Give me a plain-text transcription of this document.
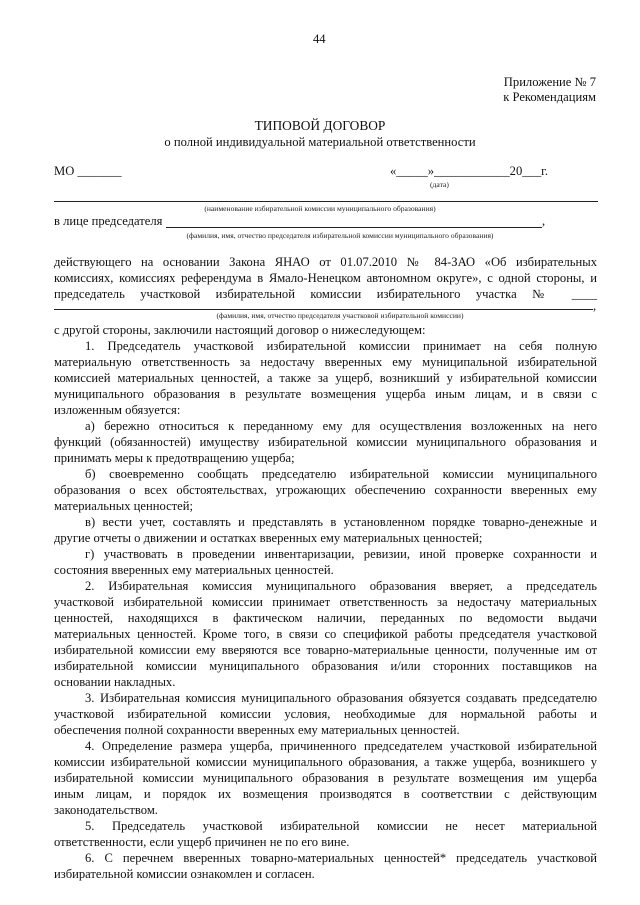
44
Приложение № 7
к Рекомендациям
ТИПОВОЙ ДОГОВОР
о полной индивидуальной материальной ответственности
МО _______	«_____»____________20___г.
(дата)
(наименование избирательной комиссии муниципального образования)
в лице председателя	,
(фамилия, имя, отчество председателя избирательной комиссии муниципального образования)
действующего на основании Закона ЯНАО от 01.07.2010 № 84-ЗАО «Об избирательных
комиссиях, комиссиях референдума в Ямало-Ненецком автономном округе», с одной стороны, и
председатель участковой избирательной комиссии избирательного участка № ____
,
(фамилия, имя, отчество председателя участковой избирательной комиссии)
с другой стороны, заключили настоящий договор о нижеследующем:
1. Председатель участковой избирательной комиссии принимает на себя полную
материальную ответственность за недостачу вверенных ему муниципальной избирательной
комиссией материальных ценностей, а также за ущерб, возникший у избирательной комиссии
муниципального образования в результате возмещения ущерба иным лицам, и в связи с
изложенным обязуется:
а) бережно относиться к переданному ему для осуществления возложенных на него
функций (обязанностей) имуществу избирательной комиссии муниципального образования и
принимать меры к предотвращению ущерба;
б) своевременно сообщать председателю избирательной комиссии муниципального
образования о всех обстоятельствах, угрожающих обеспечению сохранности вверенных ему
материальных ценностей;
в) вести учет, составлять и представлять в установленном порядке товарно-денежные и
другие отчеты о движении и остатках вверенных ему материальных ценностей;
г) участвовать в проведении инвентаризации, ревизии, иной проверке сохранности и
состояния вверенных ему материальных ценностей.
2. Избирательная комиссия муниципального образования вверяет, а председатель
участковой избирательной комиссии принимает ответственность за недостачу материальных
ценностей, находящихся в фактическом наличии, переданных по ведомости выдачи
материальных ценностей. Кроме того, в связи со спецификой работы председателя участковой
избирательной комиссии ему вверяются все товарно-материальные ценности, полученные им от
избирательной комиссии муниципального образования и/или сторонних поставщиков на
основании накладных.
3. Избирательная комиссия муниципального образования обязуется создавать председателю
участковой избирательной комиссии условия, необходимые для нормальной работы и
обеспечения полной сохранности вверенных ему материальных ценностей.
4. Определение размера ущерба, причиненного председателем участковой избирательной
комиссии избирательной комиссии муниципального образования, а также ущерба, возникшего у
избирательной комиссии муниципального образования в результате возмещения им ущерба
иным лицам, и порядок их возмещения производятся в соответствии с действующим
законодательством.
5. Председатель участковой избирательной комиссии не несет материальной
ответственности, если ущерб причинен не по его вине.
6. С перечнем вверенных товарно-материальных ценностей* председатель участковой
избирательной комиссии ознакомлен и согласен.
